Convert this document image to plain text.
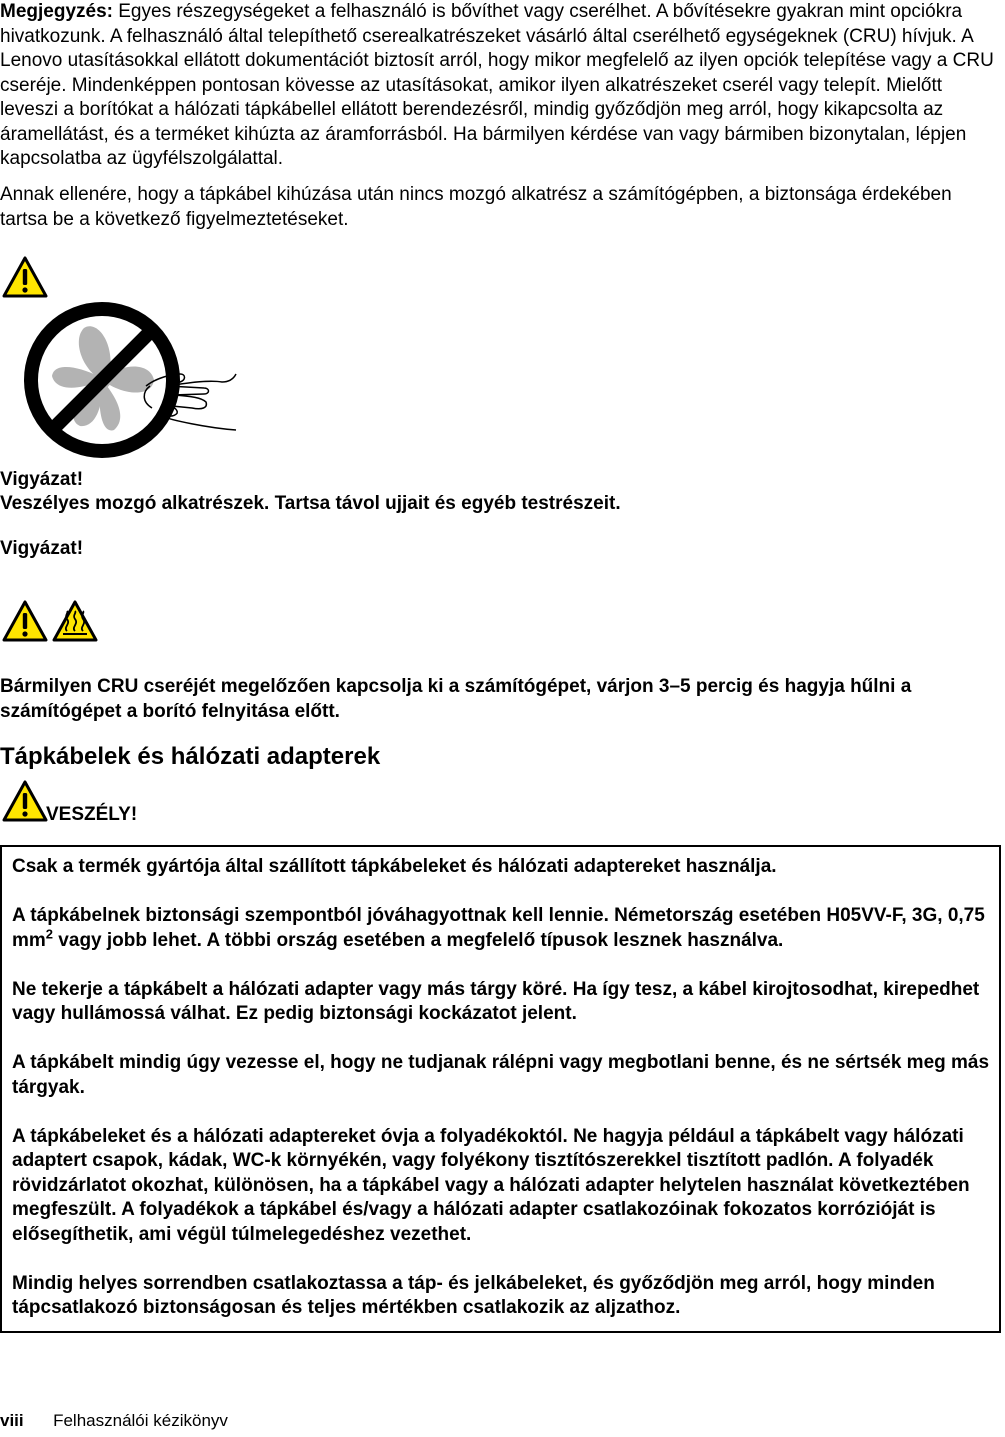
Megjegyzés: Egyes részegységeket a felhasználó is bővíthet vagy cserélhet. A bővítésekre gyakran mint opciókra hivatkozunk. A felhasználó által telepíthető cserealkatrészeket vásárló által cserélhető egységeknek (CRU) hívjuk. A Lenovo utasításokkal ellátott dokumentációt biztosít arról, hogy mikor megfelelő az ilyen opciók telepítése vagy a CRU cseréje. Mindenképpen pontosan kövesse az utasításokat, amikor ilyen alkatrészeket cserél vagy telepít. Mielőtt leveszi a borítókat a hálózati tápkábellel ellátott berendezésről, mindig győződjön meg arról, hogy kikapcsolta az áramellátást, és a terméket kihúzta az áramforrásból. Ha bármilyen kérdése van vagy bármiben bizonytalan, lépjen kapcsolatba az ügyfélszolgálattal.

Annak ellenére, hogy a tápkábel kihúzása után nincs mozgó alkatrész a számítógépben, a biztonsága érdekében tartsa be a következő figyelmeztetéseket.

Vigyázat!

Veszélyes mozgó alkatrészek. Tartsa távol ujjait és egyéb testrészeit.

Vigyázat!

Bármilyen CRU cseréjét megelőzően kapcsolja ki a számítógépet, várjon 3–5 percig és hagyja hűlni a számítógépet a borító felnyitása előtt.

Tápkábelek és hálózati adapterek
VESZÉLY!

Csak a termék gyártója által szállított tápkábeleket és hálózati adaptereket használja.

A tápkábelnek biztonsági szempontból jóváhagyottnak kell lennie. Németország esetében H05VV-F, 3G, 0,75 $mm^2$ vagy jobb lehet. A többi ország esetében a megfelelő típusok lesznek használva.

Ne tekerje a tápkábelt a hálózati adapter vagy más tárgy köré. Ha így tesz, a kábel kirojtosodhat, kirepedhet vagy hullámossá válhat. Ez pedig biztonsági kockázatot jelent.

A tápkábelt mindig úgy vezesse el, hogy ne tudjanak rálépni vagy megbotlani benne, és ne sértsék meg más tárgyak.

A tápkábeleket és a hálózati adaptereket óvja a folyadékoktól. Ne hagyja például a tápkábelt vagy hálózati adaptert csapok, kádak, WC-k környékén, vagy folyékony tisztítószerekkel tisztított padlón. A folyadék rövidzárlatot okozhat, különösen, ha a tápkábel vagy a hálózati adapter helytelen használat következtében megfeszült. A folyadékok a tápkábel és/vagy a hálózati adapter csatlakozóinak fokozatos korrózióját is elősegíthetik, ami végül túlmelegedéshez vezethet.

Mindig helyes sorrendben csatlakoztassa a táp- és jelkábeleket, és győződjön meg arról, hogy minden tápcsatlakozó biztonságosan és teljes mértékben csatlakozik az aljzathoz.

viii Felhasználói kézikönyv
